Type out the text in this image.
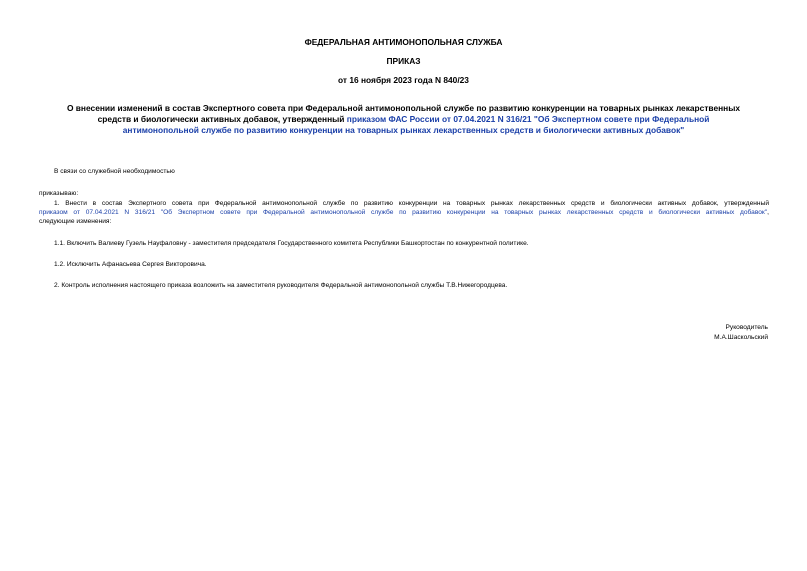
ФЕДЕРАЛЬНАЯ АНТИМОНОПОЛЬНАЯ СЛУЖБА
ПРИКАЗ
от 16 ноября 2023 года N 840/23
О внесении изменений в состав Экспертного совета при Федеральной антимонопольной службе по развитию конкуренции на товарных рынках лекарственных
средств и биологически активных добавок, утвержденный приказом ФАС России от 07.04.2021 N 316/21 "Об Экспертном совете при Федеральной
антимонопольной службе по развитию конкуренции на товарных рынках лекарственных средств и биологически активных добавок"
В связи со служебной необходимостью
приказываю:
1. Внести в состав Экспертного совета при Федеральной антимонопольной службе по развитию конкуренции на товарных рынках лекарственных средств и биологически активных добавок, утвержденный
приказом от 07.04.2021 N 316/21 "Об Экспертном совете при Федеральной антимонопольной службе по развитию конкуренции на товарных рынках лекарственных средств и биологически активных добавок",
следующие изменения:
1.1. Включить Валиеву Гузель Науфаловну - заместителя председателя Государственного комитета Республики Башкортостан по конкурентной политике.
1.2. Исключить Афанасьева Сергея Викторовича.
2. Контроль исполнения настоящего приказа возложить на заместителя руководителя Федеральной антимонопольной службы Т.В.Нижегородцева.
Руководитель
М.А.Шаскольский
